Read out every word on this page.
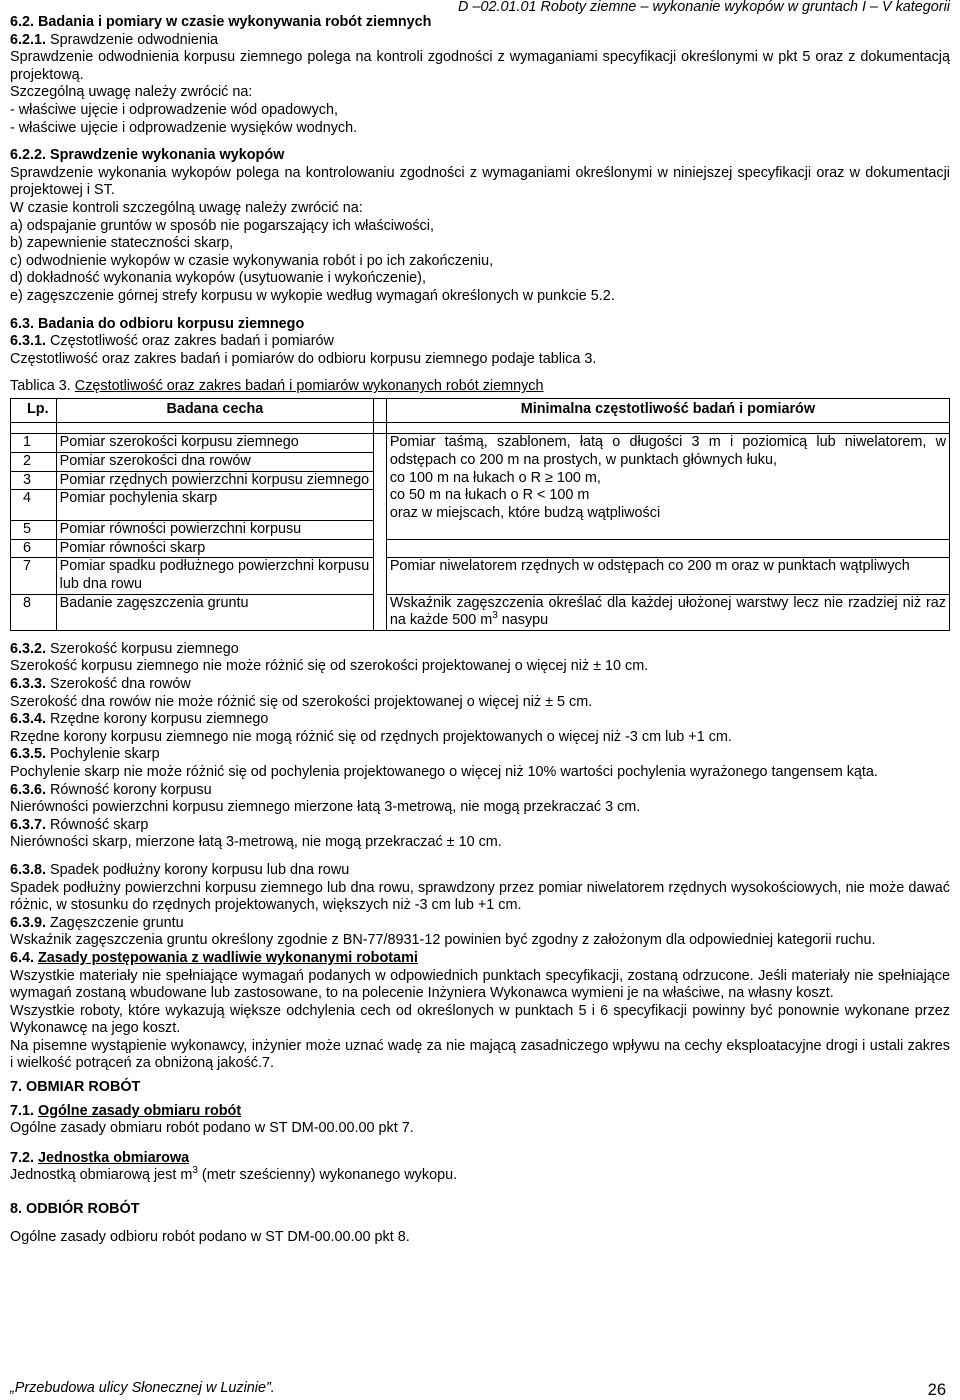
D –02.01.01 Roboty ziemne – wykonanie wykopów w gruntach I – V kategorii
6.2. Badania i pomiary w czasie wykonywania robót ziemnych
6.2.1. Sprawdzenie odwodnienia

Sprawdzenie odwodnienia korpusu ziemnego polega na kontroli zgodności z wymaganiami specyfikacji określonymi w pkt 5 oraz z dokumentacją projektową.

Szczególną uwagę należy zwrócić na:
- właściwe ujęcie i odprowadzenie wód opadowych,
- właściwe ujęcie i odprowadzenie wysięków wodnych.
6.2.2. Sprawdzenie wykonania wykopów

Sprawdzenie wykonania wykopów polega na kontrolowaniu zgodności z wymaganiami określonymi w niniejszej specyfikacji oraz w dokumentacji projektowej i ST.

W czasie kontroli szczególną uwagę należy zwrócić na:
a) odspajanie gruntów w sposób nie pogarszający ich właściwości,
b) zapewnienie stateczności skarp,
c) odwodnienie wykopów w czasie wykonywania robót i po ich zakończeniu,
d) dokładność wykonania wykopów (usytuowanie i wykończenie),
e) zagęszczenie górnej strefy korpusu w wykopie według wymagań określonych w punkcie 5.2.
6.3. Badania do odbioru korpusu ziemnego
6.3.1. Częstotliwość oraz zakres badań i pomiarów
Częstotliwość oraz zakres badań i pomiarów do odbioru korpusu ziemnego podaje tablica 3.
Tablica 3. Częstotliwość oraz zakres badań i pomiarów wykonanych robót ziemnych
Lp.	Badana cecha		Minimalna częstotliwość badań i pomiarów

1	Pomiar szerokości korpusu ziemnego		Pomiar taśmą, szablonem, łatą o długości 3 m i poziomicą lub niwelatorem, w odstępach co 200 m na prostych, w punktach głównych łuku,
co 100 m na łukach o R ≥ 100 m,
co 50 m na łukach o R < 100 m
oraz w miejscach, które budzą wątpliwości

2	Pomiar szerokości dna rowów		
3	Pomiar rzędnych powierzchni korpusu ziemnego		
4	Pomiar pochylenia skarp		
5	Pomiar równości powierzchni korpusu		
6	Pomiar równości skarp		
7	Pomiar spadku podłużnego powierzchni korpusu lub dna rowu		Pomiar niwelatorem rzędnych w odstępach co 200 m oraz w punktach wątpliwych
8	Badanie zagęszczenia gruntu		Wskaźnik zagęszczenia określać dla każdej ułożonej warstwy lecz nie rzadziej niż raz na każde 500 $m^3$ nasypu
6.3.2. Szerokość korpusu ziemnego
Szerokość korpusu ziemnego nie może różnić się od szerokości projektowanej o więcej niż ± 10 cm.
6.3.3. Szerokość dna rowów
Szerokość dna rowów nie może różnić się od szerokości projektowanej o więcej niż ± 5 cm.
6.3.4. Rzędne korony korpusu ziemnego
Rzędne korony korpusu ziemnego nie mogą różnić się od rzędnych projektowanych o więcej niż -3 cm lub +1 cm.
6.3.5. Pochylenie skarp
Pochylenie skarp nie może różnić się od pochylenia projektowanego o więcej niż 10% wartości pochylenia wyrażonego tangensem kąta.
6.3.6. Równość korony korpusu
Nierówności powierzchni korpusu ziemnego mierzone łatą 3-metrową, nie mogą przekraczać 3 cm.
6.3.7. Równość skarp
Nierówności skarp, mierzone łatą 3-metrową, nie mogą przekraczać ± 10 cm.
6.3.8. Spadek podłużny korony korpusu lub dna rowu
Spadek podłużny powierzchni korpusu ziemnego lub dna rowu, sprawdzony przez pomiar niwelatorem rzędnych wysokościowych, nie może dawać różnic, w stosunku do rzędnych projektowanych, większych niż -3 cm lub +1 cm.
6.3.9. Zagęszczenie gruntu
Wskaźnik zagęszczenia gruntu określony zgodnie z BN-77/8931-12 powinien być zgodny z założonym dla odpowiedniej kategorii ruchu.
6.4. Zasady postępowania z wadliwie wykonanymi robotami
Wszystkie materiały nie spełniające wymagań podanych w odpowiednich punktach specyfikacji, zostaną odrzucone. Jeśli materiały nie spełniające wymagań zostaną wbudowane lub zastosowane, to na polecenie Inżyniera Wykonawca wymieni je na właściwe, na własny koszt.
Wszystkie roboty, które wykazują większe odchylenia cech od określonych w punktach 5 i 6 specyfikacji powinny być ponownie wykonane przez Wykonawcę na jego koszt.
Na pisemne wystąpienie wykonawcy, inżynier może uznać wadę za nie mającą zasadniczego wpływu na cechy eksploatacyjne drogi i ustali zakres i wielkość potrąceń za obniżoną jakość.7.
7. OBMIAR ROBÓT
7.1. Ogólne zasady obmiaru robót
Ogólne zasady obmiaru robót podano w ST DM-00.00.00 pkt 7.
7.2. Jednostka obmiarowa
Jednostką obmiarową jest $m^3$ (metr sześcienny) wykonanego wykopu.
8. ODBIÓR ROBÓT
Ogólne zasady odbioru robót podano w ST DM-00.00.00 pkt 8.
„Przebudowa ulicy Słonecznej w Luzinie”.	26
